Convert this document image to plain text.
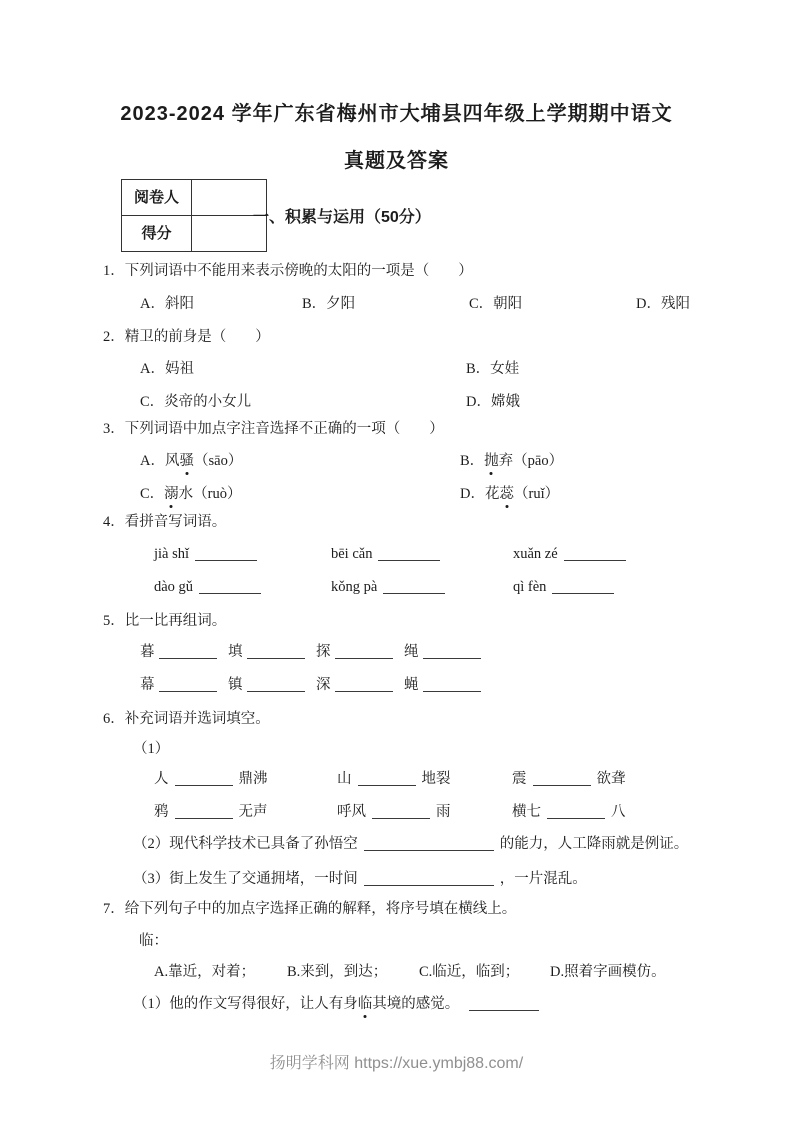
2023-2024 学年广东省梅州市大埔县四年级上学期期中语文
真题及答案
阅卷人
得分
一、积累与运用（50分）
1．下列词语中不能用来表示傍晚的太阳的一项是（　　）
A．斜阳	B．夕阳	C．朝阳	D．残阳
2．精卫的前身是（　　）
A．妈祖	B．女娃
C．炎帝的小女儿	D．嫦娥
3．下列词语中加点字注音选择不正确的一项（　　）
A．风骚（sāo）	B．抛弃（pāo）
C．溺水（ruò）	D．花蕊（ruǐ）
4．看拼音写词语。
jià shǐ	bēi cǎn	xuǎn zé
dào gǔ	kǒng pà	qì fèn
5．比一比再组词。
暮	填	探	绳
幕	镇	深	蝇
6．补充词语并选词填空。
（1）
人	鼎沸	山	地裂	震	欲聋
鸦	无声	呼风	雨	横七	八
（2）现代科学技术已具备了孙悟空	的能力，人工降雨就是例证。
（3）街上发生了交通拥堵，一时间	，一片混乱。
7．给下列句子中的加点字选择正确的解释，将序号填在横线上。
临：
A.靠近，对着；	B.来到，到达；	C.临近，临到；	D.照着字画模仿。
（1）他的作文写得很好，让人有身临其境的感觉。
扬明学科网 https://xue.ymbj88.com/
